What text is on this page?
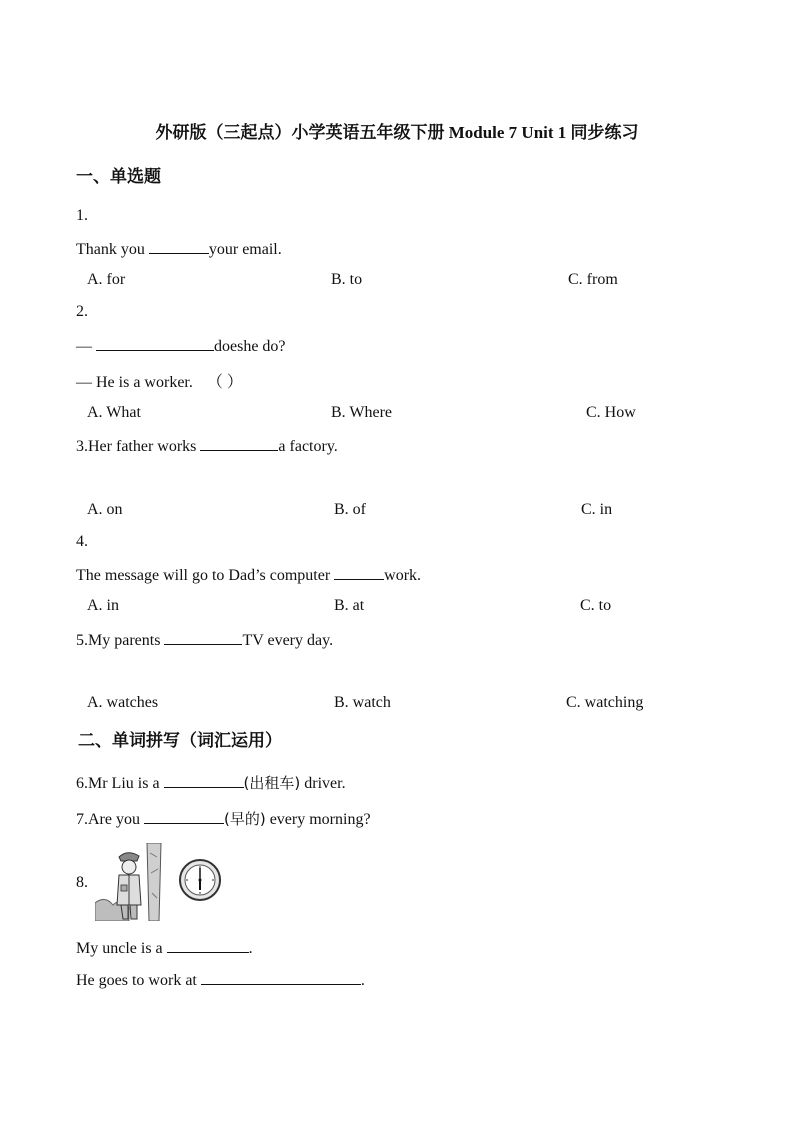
外研版（三起点）小学英语五年级下册 Module 7 Unit 1 同步练习
一、单选题
1.
Thank you	your email.
A. for	B. to	C. from
2.
—	doeshe do?
— He is a worker. （ ）
A. What	B. Where	C. How
3.Her father works	a factory.
A. on	B. of	C. in
4.
The message will go to Dad’s computer	work.
A. in	B. at	C. to
5.My parents	TV every day.
A. watches	B. watch	C. watching
二、单词拼写（词汇运用）
6.Mr Liu is a	(出租车) driver.
7.Are you	(早的) every morning?
8.
My uncle is a	.
He goes to work at	.
